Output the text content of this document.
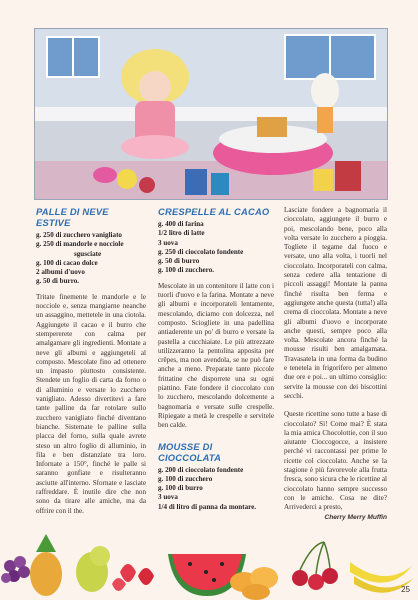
PALLE DI NEVE ESTIVE
g. 250 di zucchero vanigliato
g. 250 di mandorle e nocciole
sgusciate
g. 100 di cacao dolce
2 albumi d'uovo
g. 50 di burro.

Tritate finemente le mandorle e le nocciole e, senza mangiarne neanche un assaggino, mettetele in una ciotola. Aggiungete il cacao e il burro che stempererete con calma per amalgamare gli ingredienti. Montate a neve gli albumi e aggiungeteli al composto. Mescolate fino ad ottenere un impasto piuttosto consistente. Stendete un foglio di carta da forno o di alluminio e versate lo zucchero vanigliato. Adesso divertitevi a fare tante palline da far rotolare sullo zucchero vanigliato finché diventano bianche. Sistemate le palline sulla placca del forno, sulla quale avrete steso un altro foglio di alluminio, in fila e ben distanziate tra loro. Infornate a 150°, finché le palle si saranno gonfiate e risulteranno asciutte all'interno. Sfornate e lasciate raffreddare. È inutile dire che non sono da tirare alle amiche, ma da offrire con il the.

CRESPELLE AL CACAO
g. 400 di farina
1/2 litro di latte
3 uova
g. 250 di cioccolato fondente
g. 50 di burro
g. 100 di zucchero.

Mescolate in un contenitore il latte con i tuorli d'uovo e la farina. Montate a neve gli albumi e incorporateli lentamente, mescolando, diciamo con dolcezza, nel composto. Sciogliete in una padellina antiaderente un po' di burro e versate la pastella a cucchiaiate. Le più attrezzate utilizzeranno la pentolina apposita per crêpes, ma non avendola, se ne può fare anche a meno. Preparate tante piccole frittatine che disporrete una su ogni piattino. Fate fondere il cioccolato con lo zucchero, mescolando dolcemente a bagnomaria e versate sulle crespelle. Ripiegate a metà le crespelle e servitele ben calde.

MOUSSE DI CIOCCOLATA
g. 200 di cioccolato fondente
g. 100 di zucchero
g. 100 di burro
3 uova
1/4 di litro di panna da montare.

Lasciate fondere a bagnomaria il cioccolato, aggiungete il burro e poi, mescolando bene, poco alla volta versate lo zucchero a pioggia. Togliete il tegame dal fuoco e versate, uno alla volta, i tuorli nel cioccolato. Incorporateli con calma, senza cedere alla tentazione di piccoli assaggi! Montate la panna finché risulta ben ferma e aggiungete anche questa (tutta!) alla crema di cioccolata. Montate a neve gli albumi d'uovo e incorporate anche questi, sempre poco alla volta. Mescolate ancora finché la mousse risulti ben amalgamata. Travasatela in una forma da budino e tenetela in frigorifero per almeno due ore e poi... un ultimo consiglio: servite la mousse con dei biscottini secchi.

Queste ricettine sono tutte a base di cioccolato? Sì! Come mai? È stata la mia amica Chocolottie, con il suo aiutante Cioccogocce, a insistere perché vi raccontassi per prime le ricette col cioccolato. Anche se la stagione è più favorevole alla frutta fresca, sono sicura che le ricettine al cioccolato hanno sempre successo con le amiche. Cosa ne dite? Arrivederci a presto,

Cherry Merry Muffin
25
